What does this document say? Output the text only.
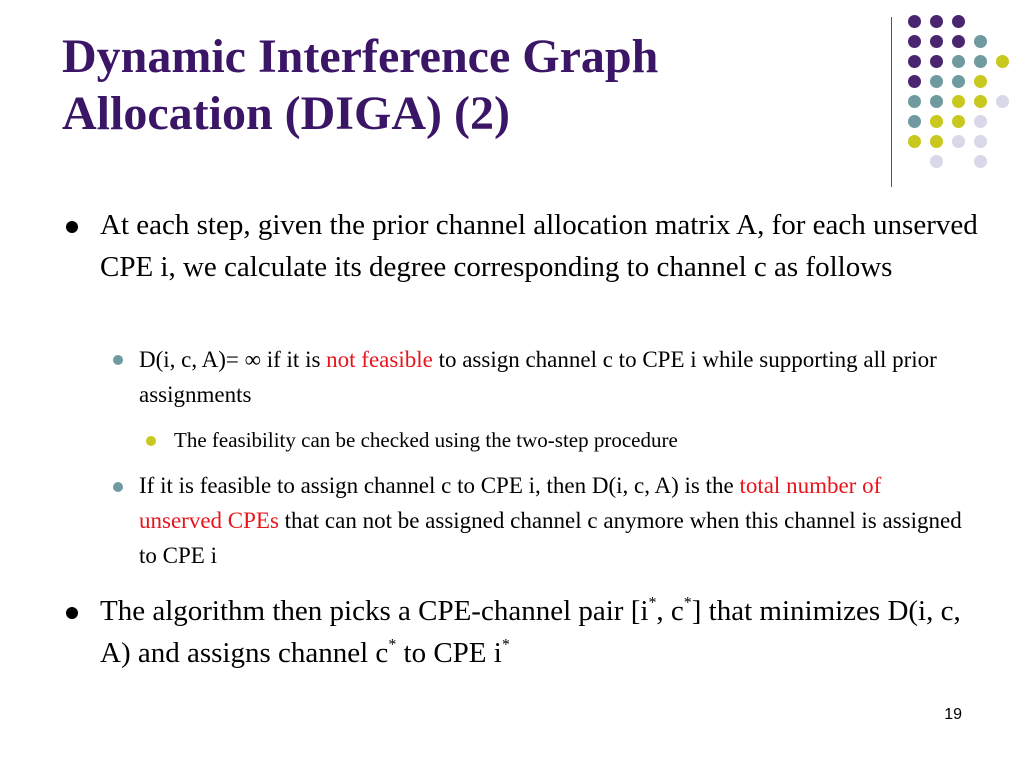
Dynamic Interference Graph
Allocation (DIGA) (2)
At each step, given the prior channel allocation matrix A, for each unserved CPE i, we calculate its degree corresponding to channel c as follows
D(i, c, A)= ∞ if it is not feasible to assign channel c to CPE i while supporting all prior assignments
The feasibility can be checked using the two-step procedure
If it is feasible to assign channel c to CPE i, then D(i, c, A) is the total number of unserved CPEs that can not be assigned channel c anymore when this channel is assigned to CPE i
The algorithm then picks a CPE-channel pair [i*, c*] that minimizes D(i, c, A) and assigns channel c* to CPE i*
19
